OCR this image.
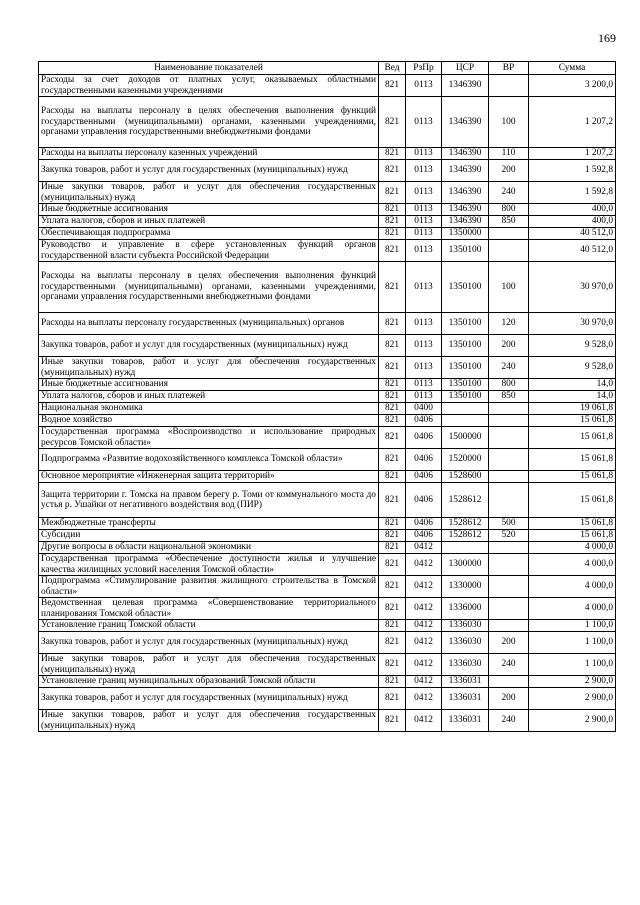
169
Наименование показателей	Вед	РзПр	ЦСР	ВР	Сумма
Расходы за счет доходов от платных услуг, оказываемых областными государственными казенными учреждениями	821	0113	1346390		3 200,0
Расходы на выплаты персоналу в целях обеспечения выполнения функций государственными (муниципальными) органами, казенными учреждениями, органами управления государственными внебюджетными фондами	821	0113	1346390	100	1 207,2
Расходы на выплаты персоналу казенных учреждений	821	0113	1346390	110	1 207,2
Закупка товаров, работ и услуг для государственных (муниципальных) нужд	821	0113	1346390	200	1 592,8
Иные закупки товаров, работ и услуг для обеспечения государственных (муниципальных) нужд	821	0113	1346390	240	1 592,8
Иные бюджетные ассигнования	821	0113	1346390	800	400,0
Уплата налогов, сборов и иных платежей	821	0113	1346390	850	400,0
Обеспечивающая подпрограмма	821	0113	1350000		40 512,0
Руководство и управление в сфере установленных функций органов государственной власти субъекта Российской Федерации	821	0113	1350100		40 512,0
Расходы на выплаты персоналу в целях обеспечения выполнения функций государственными (муниципальными) органами, казенными учреждениями, органами управления государственными внебюджетными фондами	821	0113	1350100	100	30 970,0
Расходы на выплаты персоналу государственных (муниципальных) органов	821	0113	1350100	120	30 970,0
Закупка товаров, работ и услуг для государственных (муниципальных) нужд	821	0113	1350100	200	9 528,0
Иные закупки товаров, работ и услуг для обеспечения государственных (муниципальных) нужд	821	0113	1350100	240	9 528,0
Иные бюджетные ассигнования	821	0113	1350100	800	14,0
Уплата налогов, сборов и иных платежей	821	0113	1350100	850	14,0
Национальная экономика	821	0400			19 061,8
Водное хозяйство	821	0406			15 061,8
Государственная программа «Воспроизводство и использование природных ресурсов Томской области»	821	0406	1500000		15 061,8
Подпрограмма «Развитие водохозяйственного комплекса Томской области»	821	0406	1520000		15 061,8
Основное мероприятие «Инженерная защита территорий»	821	0406	1528600		15 061,8
Защита территории г. Томска на правом берегу р. Томи от коммунального моста до устья р. Ушайки от негативного воздействия вод (ПИР)	821	0406	1528612		15 061,8
Межбюджетные трансферты	821	0406	1528612	500	15 061,8
Субсидии	821	0406	1528612	520	15 061,8
Другие вопросы в области национальной экономики	821	0412			4 000,0
Государственная программа «Обеспечение доступности жилья и улучшение качества жилищных условий населения Томской области»	821	0412	1300000		4 000,0
Подпрограмма «Стимулирование развития жилищного строительства в Томской области»	821	0412	1330000		4 000,0
Ведомственная целевая программа «Совершенствование территориального планирования Томской области»	821	0412	1336000		4 000,0
Установление границ Томской области	821	0412	1336030		1 100,0
Закупка товаров, работ и услуг для государственных (муниципальных) нужд	821	0412	1336030	200	1 100,0
Иные закупки товаров, работ и услуг для обеспечения государственных (муниципальных) нужд	821	0412	1336030	240	1 100,0
Установление границ муниципальных образований Томской области	821	0412	1336031		2 900,0
Закупка товаров, работ и услуг для государственных (муниципальных) нужд	821	0412	1336031	200	2 900,0
Иные закупки товаров, работ и услуг для обеспечения государственных (муниципальных) нужд	821	0412	1336031	240	2 900,0
